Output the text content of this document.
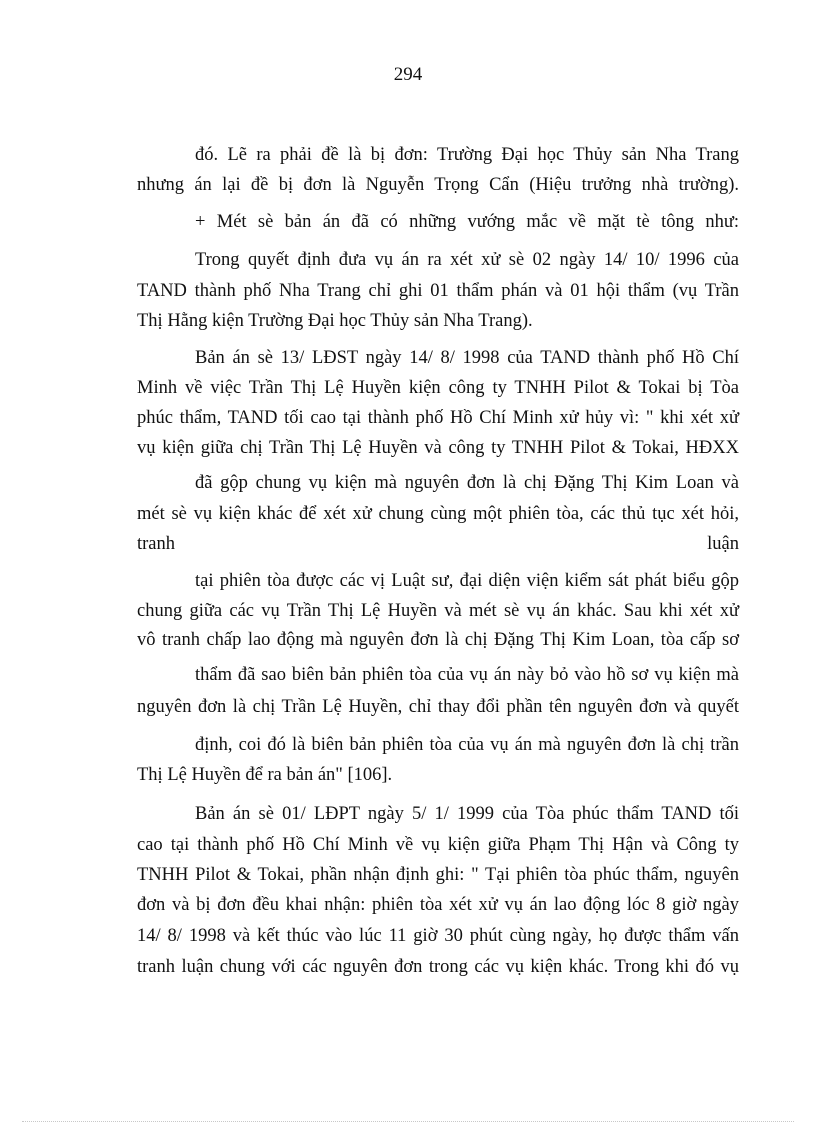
294
đó. Lẽ ra phải đề là bị đơn: Trường Đại học Thủy sản Nha Trang
nhưng án lại đề bị đơn là Nguyễn Trọng Cẩn (Hiệu trưởng nhà trường).
+ Mét sè bản án đã có những vướng mắc về mặt tè tông như:
Trong quyết định đưa vụ án ra xét xử sè 02 ngày 14/ 10/ 1996 của
TAND thành phố Nha Trang chỉ ghi 01 thẩm phán và 01 hội thẩm (vụ Trần
Thị Hằng kiện Trường Đại học Thủy sản Nha Trang).
Bản án sè 13/ LĐST ngày 14/ 8/ 1998 của TAND thành phố Hồ Chí
Minh về việc Trần Thị Lệ Huyền kiện công ty TNHH Pilot & Tokai bị Tòa
phúc thẩm, TAND tối cao tại thành phố Hồ Chí Minh xử hủy vì: " khi xét xử
vụ kiện giữa chị Trần Thị Lệ Huyền và công ty TNHH Pilot & Tokai, HĐXX
đã gộp chung vụ kiện mà nguyên đơn là chị Đặng Thị Kim Loan và
mét sè vụ kiện khác để xét xử chung cùng một phiên tòa, các thủ tục xét hỏi,
tranh	luận
tại phiên tòa được các vị Luật sư, đại diện viện kiểm sát phát biểu gộp
chung giữa các vụ Trần Thị Lệ Huyền và mét sè vụ án khác. Sau khi xét xử
vô tranh chấp lao động mà nguyên đơn là chị Đặng Thị Kim Loan, tòa cấp sơ
thẩm đã sao biên bản phiên tòa của vụ án này bỏ vào hồ sơ vụ kiện mà
nguyên đơn là chị Trần Lệ Huyền, chỉ thay đổi phần tên nguyên đơn và quyết
định, coi đó là biên bản phiên tòa của vụ án mà nguyên đơn là chị trần
Thị Lệ Huyền để ra bản án" [106].
Bản án sè 01/ LĐPT ngày 5/ 1/ 1999 của Tòa phúc thẩm TAND tối
cao tại thành phố Hồ Chí Minh về vụ kiện giữa Phạm Thị Hận và Công ty
TNHH Pilot & Tokai, phần nhận định ghi: " Tại phiên tòa phúc thẩm, nguyên
đơn và bị đơn đều khai nhận: phiên tòa xét xử vụ án lao động lóc 8 giờ ngày
14/ 8/ 1998 và kết thúc vào lúc 11 giờ 30 phút cùng ngày, họ được thẩm vấn
tranh luận chung với các nguyên đơn trong các vụ kiện khác. Trong khi đó vụ
